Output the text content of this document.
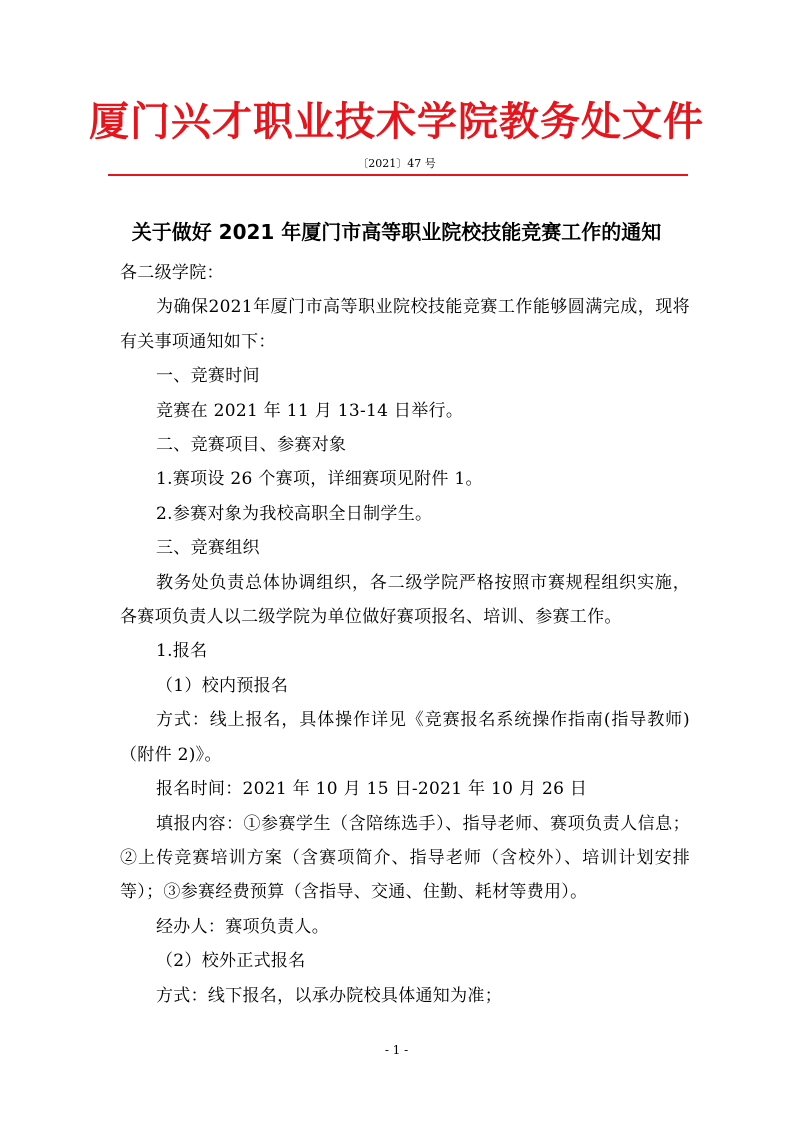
厦门兴才职业技术学院教务处文件
〔2021〕47 号
关于做好 2021 年厦门市高等职业院校技能竞赛工作的通知

各二级学院：

为确保2021年厦门市高等职业院校技能竞赛工作能够圆满完成，现将有关事项通知如下：

一、竞赛时间

竞赛在 2021 年 11 月 13-14 日举行。

二、竞赛项目、参赛对象

1.赛项设 26 个赛项，详细赛项见附件 1。

2.参赛对象为我校高职全日制学生。

三、竞赛组织

教务处负责总体协调组织，各二级学院严格按照市赛规程组织实施，各赛项负责人以二级学院为单位做好赛项报名、培训、参赛工作。

1.报名

（1）校内预报名

方式：线上报名，具体操作详见《竞赛报名系统操作指南(指导教师)（附件 2)》。

报名时间：2021 年 10 月 15 日-2021 年 10 月 26 日

填报内容：①参赛学生（含陪练选手）、指导老师、赛项负责人信息；②上传竞赛培训方案（含赛项简介、指导老师（含校外）、培训计划安排等）；③参赛经费预算（含指导、交通、住勤、耗材等费用）。

经办人：赛项负责人。

（2）校外正式报名

方式：线下报名，以承办院校具体通知为准；

- 1 -
